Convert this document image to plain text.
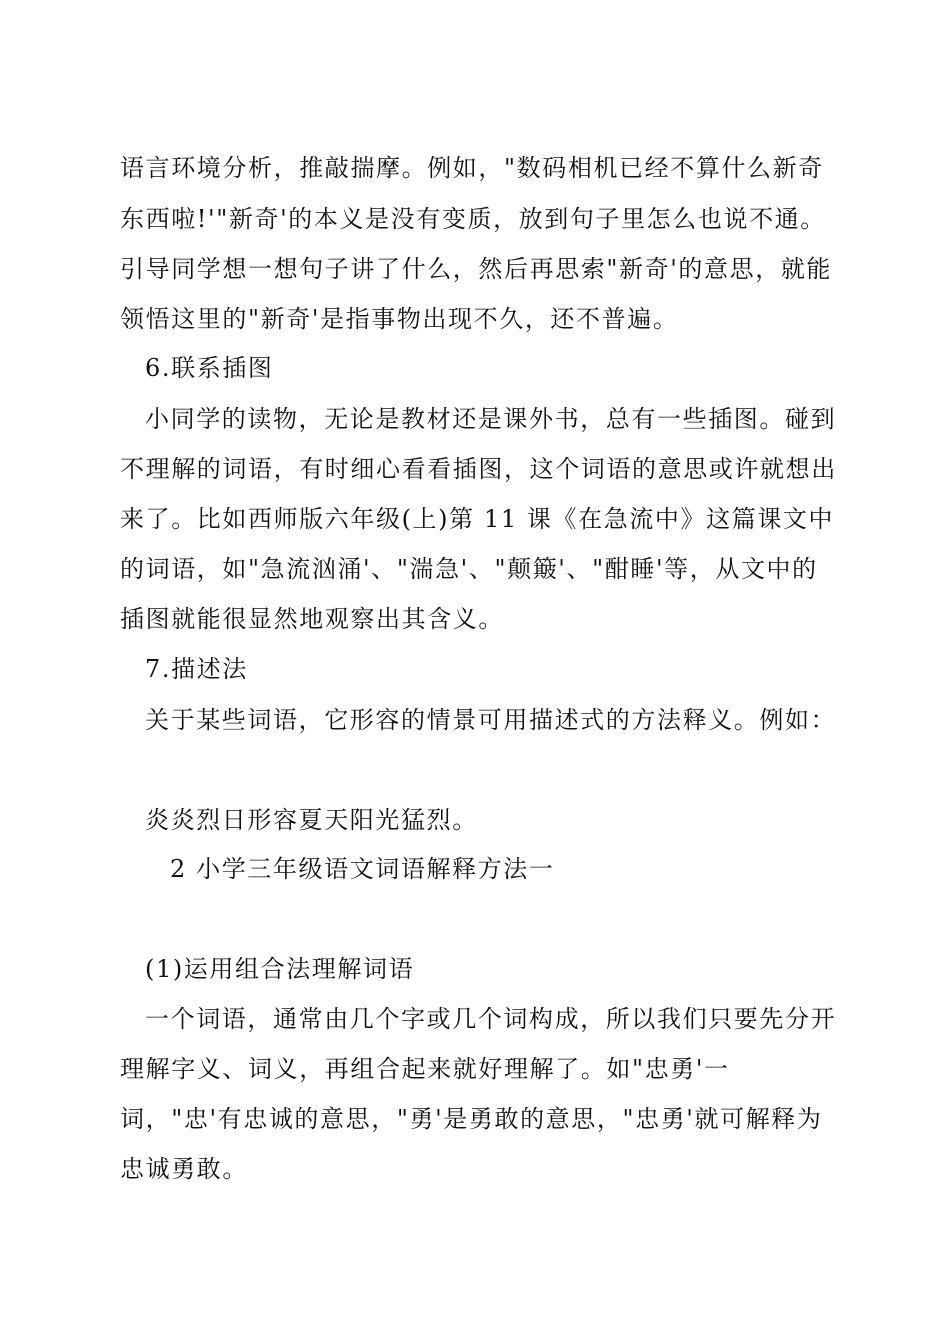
语言环境分析，推敲揣摩。例如，"数码相机已经不算什么新奇
东西啦!'"新奇'的本义是没有变质，放到句子里怎么也说不通。
引导同学想一想句子讲了什么，然后再思索"新奇'的意思，就能
领悟这里的"新奇'是指事物出现不久，还不普遍。
6.联系插图
小同学的读物，无论是教材还是课外书，总有一些插图。碰到
不理解的词语，有时细心看看插图，这个词语的意思或许就想出
来了。比如西师版六年级(上)第 11 课《在急流中》这篇课文中
的词语，如"急流汹涌'、"湍急'、"颠簸'、"酣睡'等，从文中的
插图就能很显然地观察出其含义。
7.描述法
关于某些词语，它形容的情景可用描述式的方法释义。例如：
炎炎烈日形容夏天阳光猛烈。
2 小学三年级语文词语解释方法一
(1)运用组合法理解词语
一个词语，通常由几个字或几个词构成，所以我们只要先分开
理解字义、词义，再组合起来就好理解了。如"忠勇'一
词，"忠'有忠诚的意思，"勇'是勇敢的意思，"忠勇'就可解释为
忠诚勇敢。
